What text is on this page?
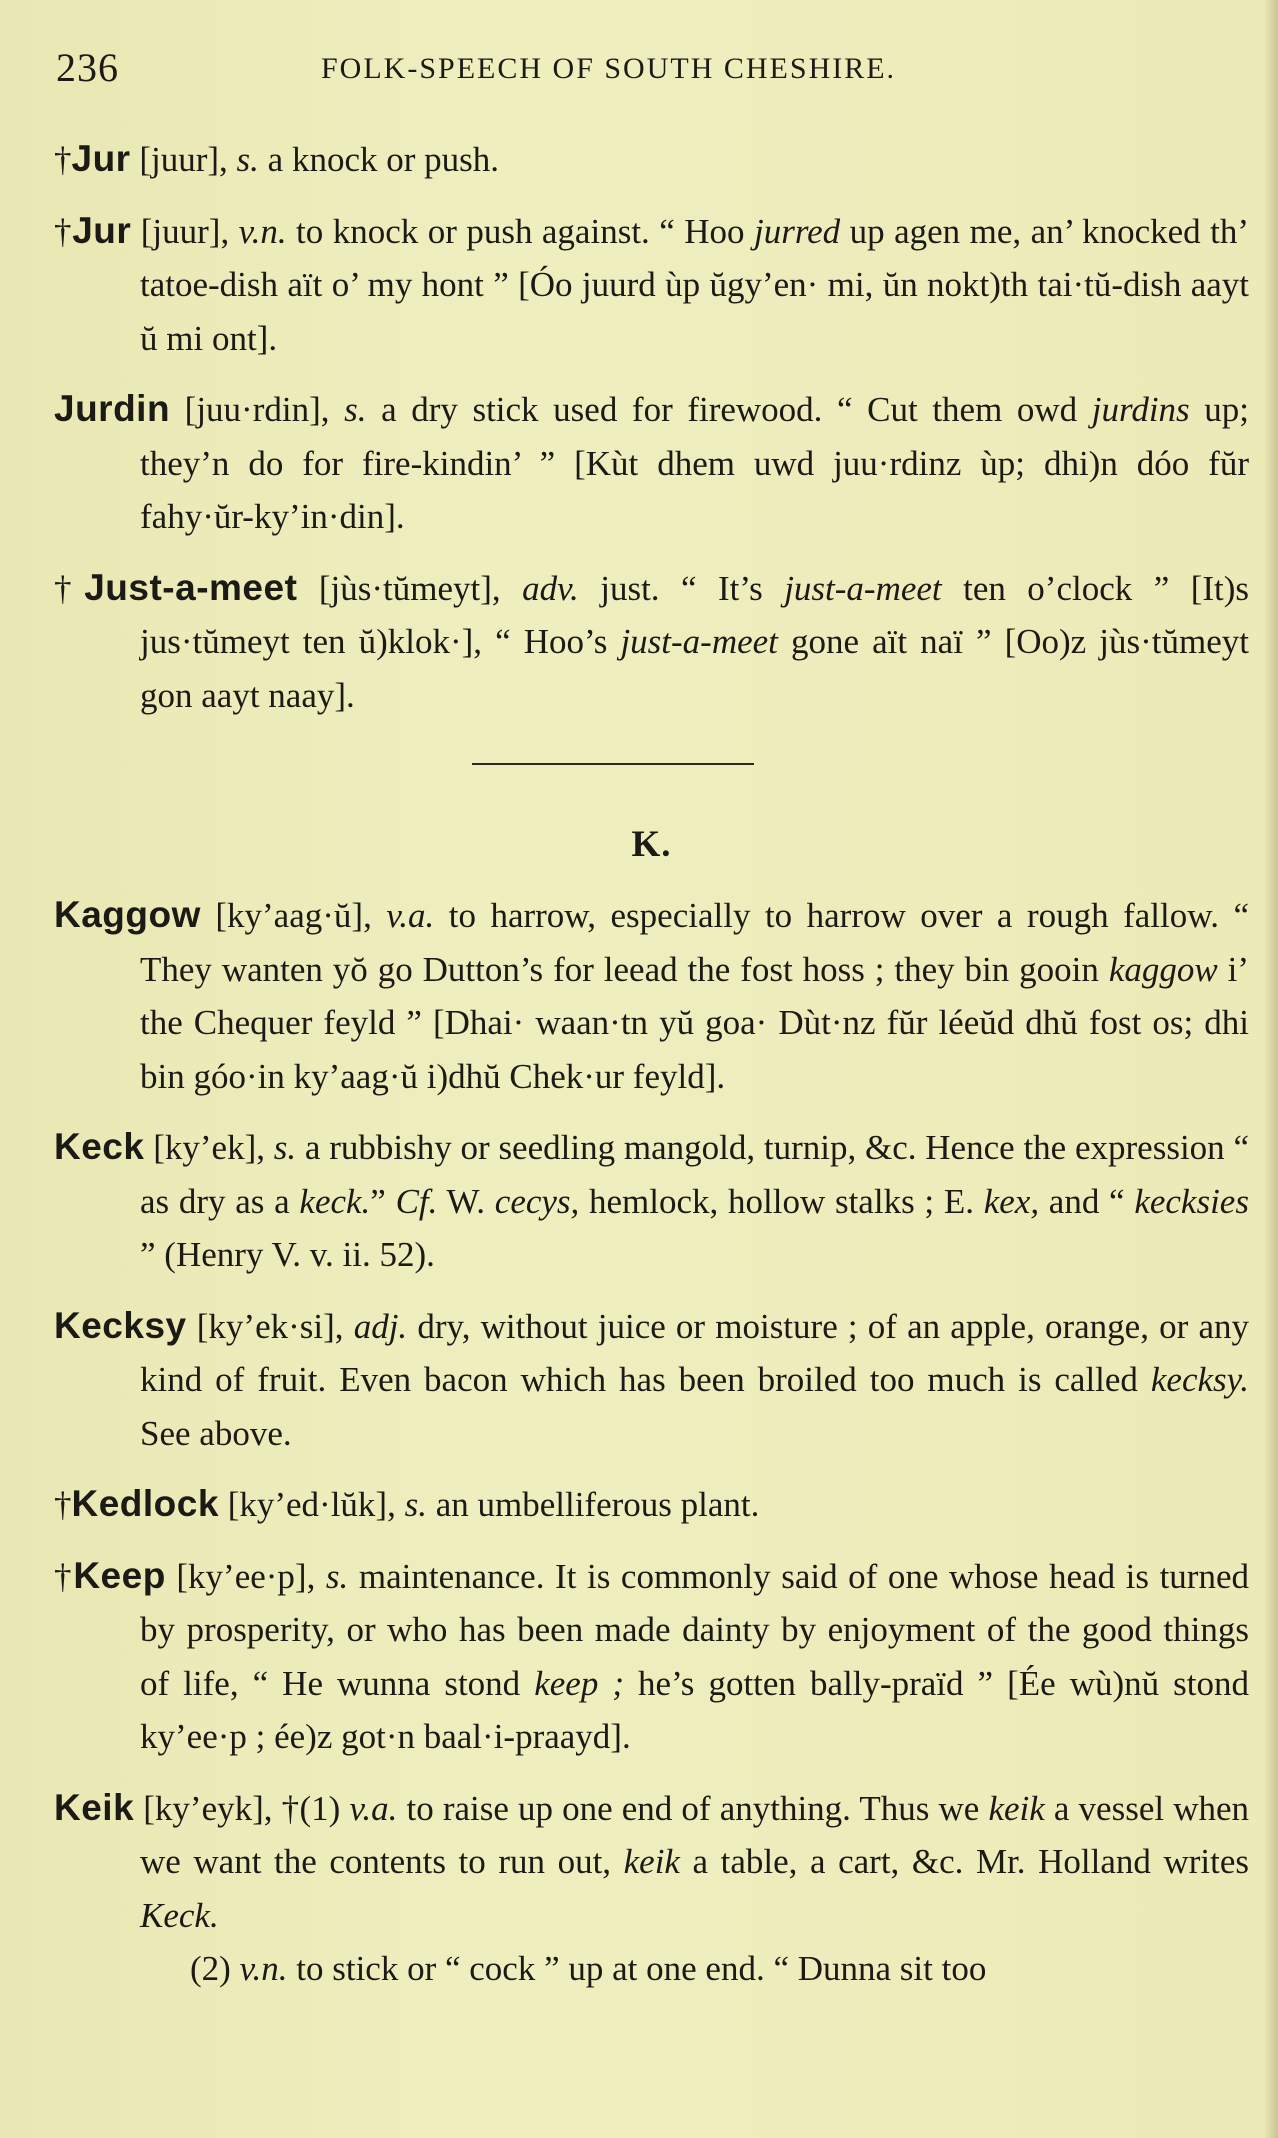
236	FOLK-SPEECH OF SOUTH CHESHIRE.

†Jur [juur], s. a knock or push.

†Jur [juur], v.n. to knock or push against. “ Hoo jurred up agen me, an’ knocked th’ tatoe-dish aït o’ my hont ” [Óo juurd ùp ŭgy’en· mi, ŭn nokt)th tai·tŭ-dish aayt ŭ mi ont].

Jurdin [juu·rdin], s. a dry stick used for firewood. “ Cut them owd jurdins up; they’n do for fire-kindin’ ” [Kùt dhem uwd juu·rdinz ùp; dhi)n dóo fŭr fahy·ŭr-ky’in·din].

†Just-a-meet [jùs·tŭmeyt], adv. just. “ It’s just-a-meet ten o’clock ” [It)s jus·tŭmeyt ten ŭ)klok·], “ Hoo’s just-a-meet gone aït naï ” [Oo)z jùs·tŭmeyt gon aayt naay].

K.

Kaggow [ky’aag·ŭ], v.a. to harrow, especially to harrow over a rough fallow. “ They wanten yŏ go Dutton’s for leead the fost hoss ; they bin gooin kaggow i’ the Chequer feyld ” [Dhai· waan·tn yŭ goa· Dùt·nz fŭr léeŭd dhŭ fost os; dhi bin góo·in ky’aag·ŭ i)dhŭ Chek·ur feyld].

Keck [ky’ek], s. a rubbishy or seedling mangold, turnip, &c. Hence the expression “ as dry as a keck.” Cf. W. cecys, hemlock, hollow stalks ; E. kex, and “ kecksies ” (Henry V. v. ii. 52).

Kecksy [ky’ek·si], adj. dry, without juice or moisture ; of an apple, orange, or any kind of fruit. Even bacon which has been broiled too much is called kecksy. See above.

†Kedlock [ky’ed·lŭk], s. an umbelliferous plant.

†Keep [ky’ee·p], s. maintenance. It is commonly said of one whose head is turned by prosperity, or who has been made dainty by enjoyment of the good things of life, “ He wunna stond keep ; he’s gotten bally-praïd ” [Ée wù)nŭ stond ky’ee·p ; ée)z got·n baal·i-praayd].

Keik [ky’eyk], †(1) v.a. to raise up one end of anything. Thus we keik a vessel when we want the contents to run out, keik a table, a cart, &c. Mr. Holland writes Keck.

(2) v.n. to stick or “ cock ” up at one end. “ Dunna sit too
